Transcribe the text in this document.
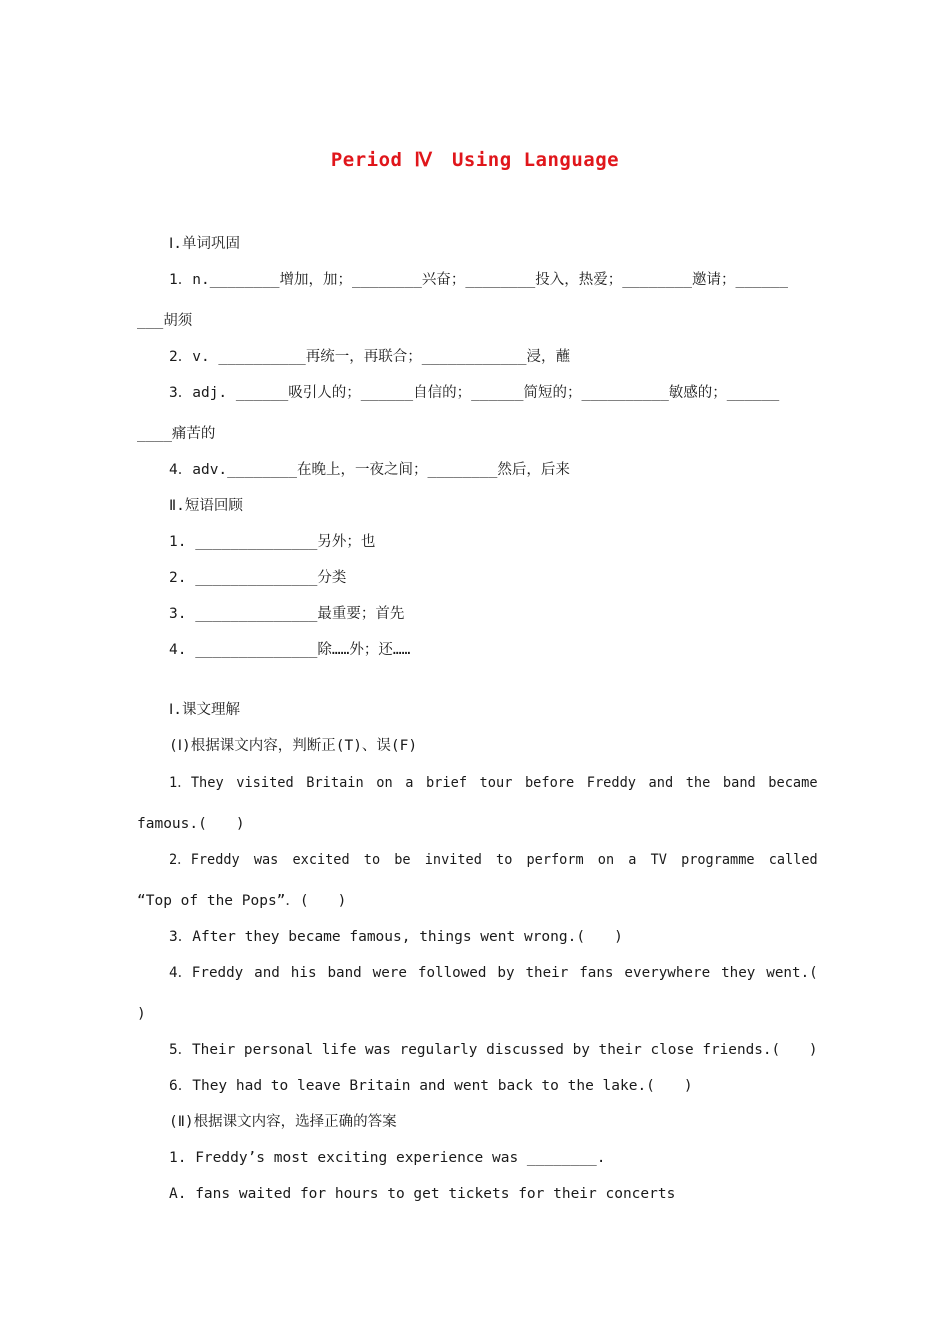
Period Ⅳ　Using Language
Ⅰ.单词巩固
1．n.________增加，加；________兴奋；________投入，热爱；________邀请；______
___胡须
2．v. __________再统一，再联合；____________浸，蘸
3．adj. ______吸引人的；______自信的；______简短的；__________敏感的；______
____痛苦的
4．adv.________在晚上，一夜之间；________然后，后来
Ⅱ.短语回顾
1. ______________另外；也
2. ______________分类
3. ______________最重要；首先
4. ______________除……外；还……
Ⅰ.课文理解
(Ⅰ)根据课文内容，判断正(T)、误(F)
1．They visited Britain on a brief tour before Freddy and the band became
famous.(　　)
2．Freddy was excited to be invited to perform on a TV programme called
“Top of the Pops”．(　　)
3．After they became famous, things went wrong.(　　)
4．Freddy and his band were followed by their fans everywhere they went.(
)
5．Their personal life was regularly discussed by their close friends.(　　)
6．They had to leave Britain and went back to the lake.(　　)
(Ⅱ)根据课文内容，选择正确的答案
1. Freddy’s most exciting experience was ________.
A. fans waited for hours to get tickets for their concerts
